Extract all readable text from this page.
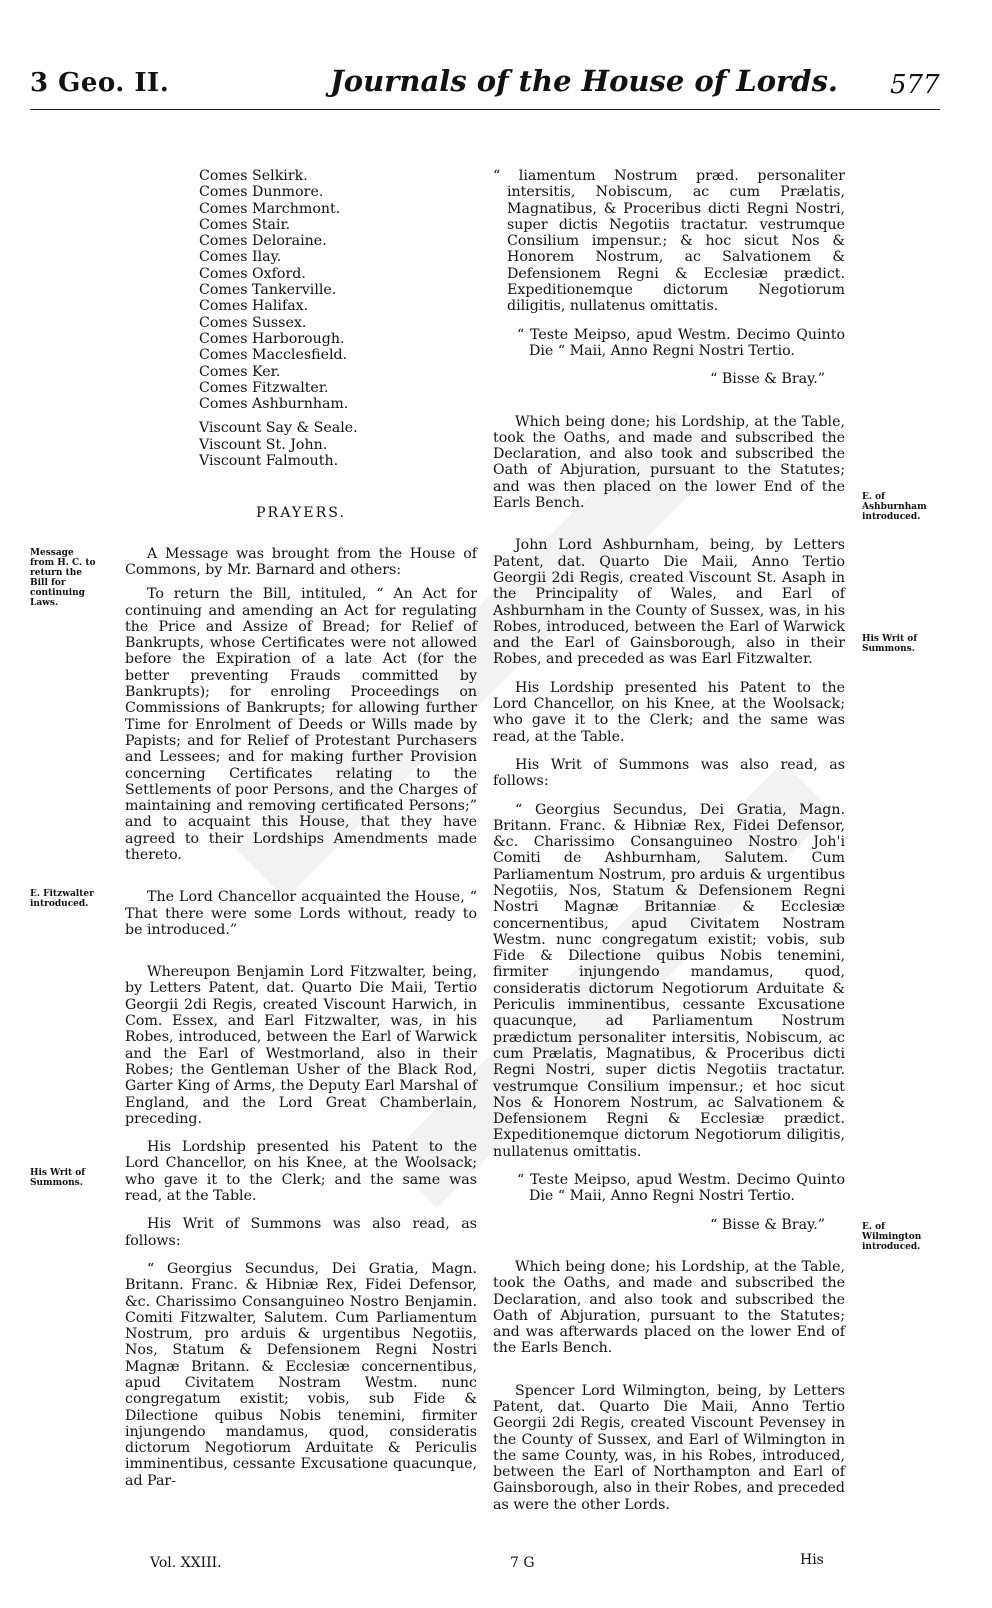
3 Geo. II.	Journals of the House of Lords. 577
Message from H. C. to return the Bill for continuing Laws.
E. Fitzwalter introduced.
His Writ of Summons.
E. of Ashburnham introduced.
His Writ of Summons.
E. of Wilmington introduced.
Comes Selkirk.
Comes Dunmore.
Comes Marchmont.
Comes Stair.
Comes Deloraine.
Comes Ilay.
Comes Oxford.
Comes Tankerville.
Comes Halifax.
Comes Sussex.
Comes Harborough.
Comes Macclesfield.
Comes Ker.
Comes Fitzwalter.
Comes Ashburnham.
Viscount Say & Seale.
Viscount St. John.
Viscount Falmouth.

PRAYERS.

A Message was brought from the House of Commons, by Mr. Barnard and others:

To return the Bill, intituled, “ An Act for continuing and amending an Act for regulating the Price and Assize of Bread; for Relief of Bankrupts, whose Certificates were not allowed before the Expiration of a late Act (for the better preventing Frauds committed by Bankrupts); for enroling Proceedings on Commissions of Bankrupts; for allowing further Time for Enrolment of Deeds or Wills made by Papists; and for Relief of Protestant Purchasers and Lessees; and for making further Provision concerning Certificates relating to the Settlements of poor Persons, and the Charges of maintaining and removing certificated Persons;” and to acquaint this House, that they have agreed to their Lordships Amendments made thereto.

The Lord Chancellor acquainted the House, “ That there were some Lords without, ready to be introduced.”

Whereupon Benjamin Lord Fitzwalter, being, by Letters Patent, dat. Quarto Die Maii, Tertio Georgii 2di Regis, created Viscount Harwich, in Com. Essex, and Earl Fitzwalter, was, in his Robes, introduced, between the Earl of Warwick and the Earl of Westmorland, also in their Robes; the Gentleman Usher of the Black Rod, Garter King of Arms, the Deputy Earl Marshal of England, and the Lord Great Chamberlain, preceding.

His Lordship presented his Patent to the Lord Chancellor, on his Knee, at the Woolsack; who gave it to the Clerk; and the same was read, at the Table.

His Writ of Summons was also read, as follows:

“ Georgius Secundus, Dei Gratia, Magn. Britann. Franc. & Hibniæ Rex, Fidei Defensor, &c. Charissimo Consanguineo Nostro Benjamin. Comiti Fitzwalter, Salutem. Cum Parliamentum Nostrum, pro arduis & urgentibus Negotiis, Nos, Statum & Defensionem Regni Nostri Magnæ Britann. & Ecclesiæ concernentibus, apud Civitatem Nostram Westm. nunc congregatum existit; vobis, sub Fide & Dilectione quibus Nobis tenemini, firmiter injungendo mandamus, quod, consideratis dictorum Negotiorum Arduitate & Periculis imminentibus, cessante Excusatione quacunque, ad Par-

“ liamentum Nostrum præd. personaliter intersitis, Nobiscum, ac cum Prælatis, Magnatibus, & Proceribus dicti Regni Nostri, super dictis Negotiis tractatur. vestrumque Consilium impensur.; & hoc sicut Nos & Honorem Nostrum, ac Salvationem & Defensionem Regni & Ecclesiæ prædict. Expeditionemque dictorum Negotiorum diligitis, nullatenus omittatis.

“ Teste Meipso, apud Westm. Decimo Quinto Die “ Maii, Anno Regni Nostri Tertio.

“ Bisse & Bray.”

Which being done; his Lordship, at the Table, took the Oaths, and made and subscribed the Declaration, and also took and subscribed the Oath of Abjuration, pursuant to the Statutes; and was then placed on the lower End of the Earls Bench.

John Lord Ashburnham, being, by Letters Patent, dat. Quarto Die Maii, Anno Tertio Georgii 2di Regis, created Viscount St. Asaph in the Principality of Wales, and Earl of Ashburnham in the County of Sussex, was, in his Robes, introduced, between the Earl of Warwick and the Earl of Gainsborough, also in their Robes, and preceded as was Earl Fitzwalter.

His Lordship presented his Patent to the Lord Chancellor, on his Knee, at the Woolsack; who gave it to the Clerk; and the same was read, at the Table.

His Writ of Summons was also read, as follows:

“ Georgius Secundus, Dei Gratia, Magn. Britann. Franc. & Hibniæ Rex, Fidei Defensor, &c. Charissimo Consanguineo Nostro Joh'i Comiti de Ashburnham, Salutem. Cum Parliamentum Nostrum, pro arduis & urgentibus Negotiis, Nos, Statum & Defensionem Regni Nostri Magnæ Britanniæ & Ecclesiæ concernentibus, apud Civitatem Nostram Westm. nunc congregatum existit; vobis, sub Fide & Dilectione quibus Nobis tenemini, firmiter injungendo mandamus, quod, consideratis dictorum Negotiorum Arduitate & Periculis imminentibus, cessante Excusatione quacunque, ad Parliamentum Nostrum prædictum personaliter intersitis, Nobiscum, ac cum Prælatis, Magnatibus, & Proceribus dicti Regni Nostri, super dictis Negotiis tractatur. vestrumque Consilium impensur.; et hoc sicut Nos & Honorem Nostrum, ac Salvationem & Defensionem Regni & Ecclesiæ prædict. Expeditionemque dictorum Negotiorum diligitis, nullatenus omittatis.

“ Teste Meipso, apud Westm. Decimo Quinto Die “ Maii, Anno Regni Nostri Tertio.

“ Bisse & Bray.”

Which being done; his Lordship, at the Table, took the Oaths, and made and subscribed the Declaration, and also took and subscribed the Oath of Abjuration, pursuant to the Statutes; and was afterwards placed on the lower End of the Earls Bench.

Spencer Lord Wilmington, being, by Letters Patent, dat. Quarto Die Maii, Anno Tertio Georgii 2di Regis, created Viscount Pevensey in the County of Sussex, and Earl of Wilmington in the same County, was, in his Robes, introduced, between the Earl of Northampton and Earl of Gainsborough, also in their Robes, and preceded as were the other Lords.

Vol. XXIII.	7 G	His
